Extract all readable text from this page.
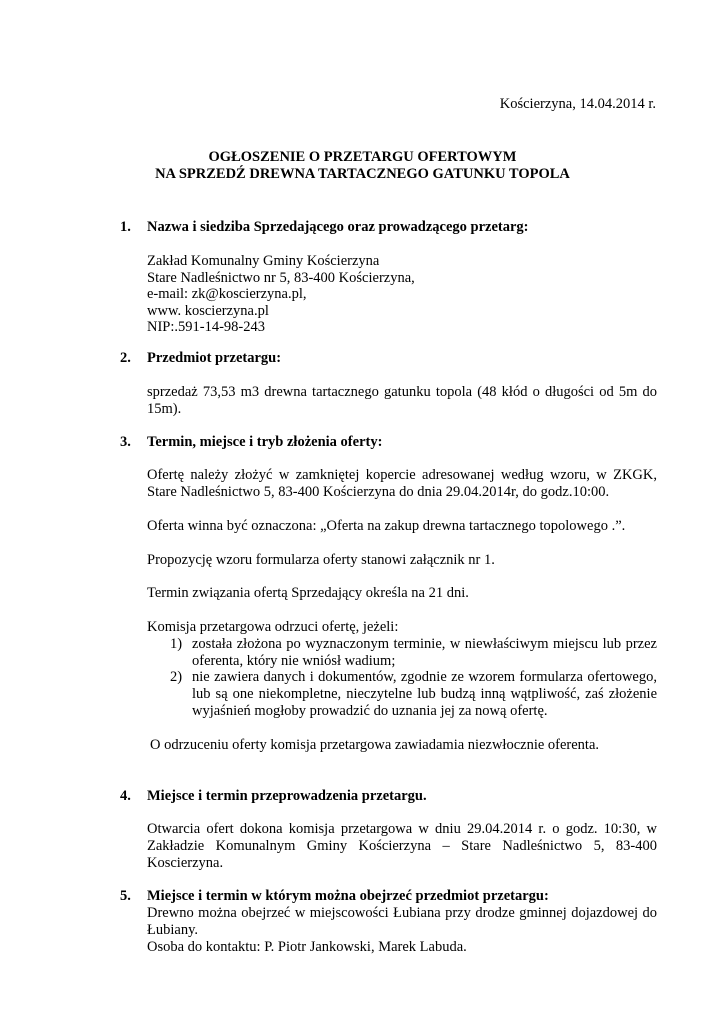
Kościerzyna, 14.04.2014 r.
OGŁOSZENIE O PRZETARGU OFERTOWYM
NA SPRZEDŹ DREWNA TARTACZNEGO GATUNKU TOPOLA
1. Nazwa i siedziba Sprzedającego oraz prowadzącego przetarg:
Zakład Komunalny Gminy Kościerzyna
Stare Nadleśnictwo nr 5, 83-400 Kościerzyna,
e-mail: zk@koscierzyna.pl,
www. koscierzyna.pl
NIP:.591-14-98-243
2. Przedmiot przetargu:
sprzedaż 73,53 m3 drewna tartacznego gatunku topola (48 kłód o długości od 5m do 15m).
3. Termin, miejsce i tryb złożenia oferty:
Ofertę należy złożyć w zamkniętej kopercie adresowanej według wzoru, w ZKGK, Stare Nadleśnictwo 5, 83-400 Kościerzyna do dnia 29.04.2014r, do godz.10:00.
Oferta winna być oznaczona: „Oferta na zakup drewna tartacznego topolowego .”.
Propozycję wzoru formularza oferty stanowi załącznik nr 1.
Termin związania ofertą Sprzedający określa na 21 dni.
Komisja przetargowa odrzuci ofertę, jeżeli:
1) została złożona po wyznaczonym terminie, w niewłaściwym miejscu lub przez oferenta, który nie wniósł wadium;
2) nie zawiera danych i dokumentów, zgodnie ze wzorem formularza ofertowego, lub są one niekompletne, nieczytelne lub budzą inną wątpliwość, zaś złożenie wyjaśnień mogłoby prowadzić do uznania jej za nową ofertę.
O odrzuceniu oferty komisja przetargowa zawiadamia niezwłocznie oferenta.
4. Miejsce i termin przeprowadzenia przetargu.
Otwarcia ofert dokona komisja przetargowa w dniu 29.04.2014 r. o godz. 10:30, w Zakładzie Komunalnym Gminy Kościerzyna – Stare Nadleśnictwo 5, 83-400 Koscierzyna.
5. Miejsce i termin w którym można obejrzeć przedmiot przetargu:
Drewno można obejrzeć w miejscowości Łubiana przy drodze gminnej dojazdowej do Łubiany.
Osoba do kontaktu: P. Piotr Jankowski, Marek Labuda.
